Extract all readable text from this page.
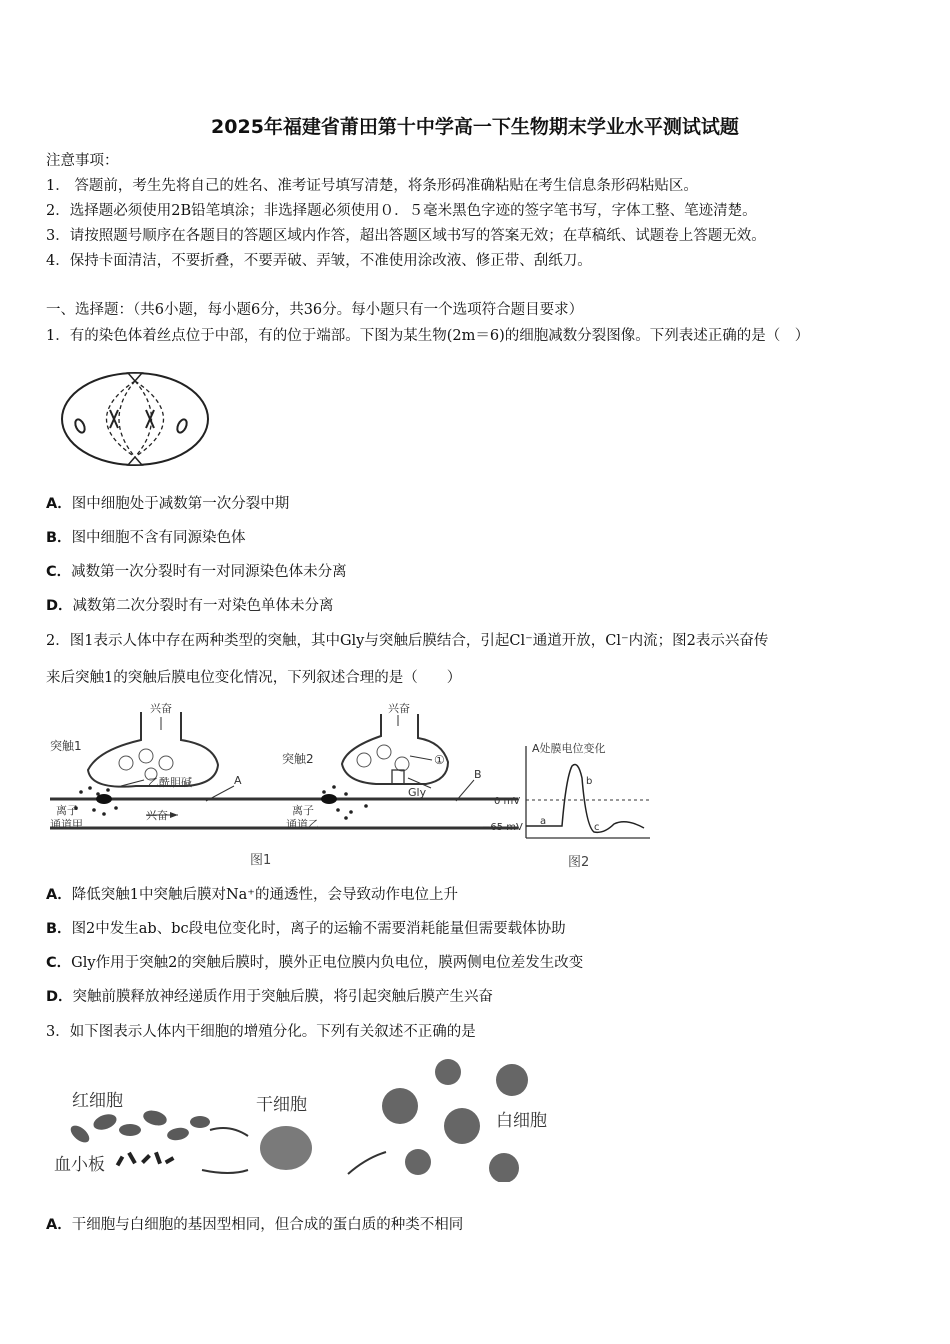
2025年福建省莆田第十中学高一下生物期末学业水平测试试题
注意事项：
1． 答题前，考生先将自己的姓名、准考证号填写清楚，将条形码准确粘贴在考生信息条形码粘贴区。
2．选择题必须使用2B铅笔填涂；非选择题必须使用０．５毫米黑色字迹的签字笔书写，字体工整、笔迹清楚。
3．请按照题号顺序在各题目的答题区域内作答，超出答题区域书写的答案无效；在草稿纸、试题卷上答题无效。
4．保持卡面清洁，不要折叠，不要弄破、弄皱，不准使用涂改液、修正带、刮纸刀。
一、选择题：（共6小题，每小题6分，共36分。每小题只有一个选项符合题目要求）
1．有的染色体着丝点位于中部，有的位于端部。下图为某生物(2m＝6)的细胞减数分裂图像。下列表述正确的是（　）
A．图中细胞处于减数第一次分裂中期
B．图中细胞不含有同源染色体
C．减数第一次分裂时有一对同源染色体未分离
D．减数第二次分裂时有一对染色单体未分离
2．图1表示人体中存在两种类型的突触，其中Gly与突触后膜结合，引起Cl⁻通道开放，Cl⁻内流；图2表示兴奋传
来后突触1的突触后膜电位变化情况，下列叙述合理的是（　　）
兴奋	兴奋
突触1
突触2
乙酰胆碱
Gly
①
离子
通道甲
离子
通道乙
兴奋
A	B
图1
A处膜电位变化
0 mV
−65 mV
a
b
c
图2
A．降低突触1中突触后膜对Na⁺的通透性，会导致动作电位上升
B．图2中发生ab、bc段电位变化时，离子的运输不需要消耗能量但需要载体协助
C．Gly作用于突触2的突触后膜时，膜外正电位膜内负电位，膜两侧电位差发生改变
D．突触前膜释放神经递质作用于突触后膜，将引起突触后膜产生兴奋
3．如下图表示人体内干细胞的增殖分化。下列有关叙述不正确的是
红细胞	干细胞
血小板
白细胞
A．干细胞与白细胞的基因型相同，但合成的蛋白质的种类不相同
